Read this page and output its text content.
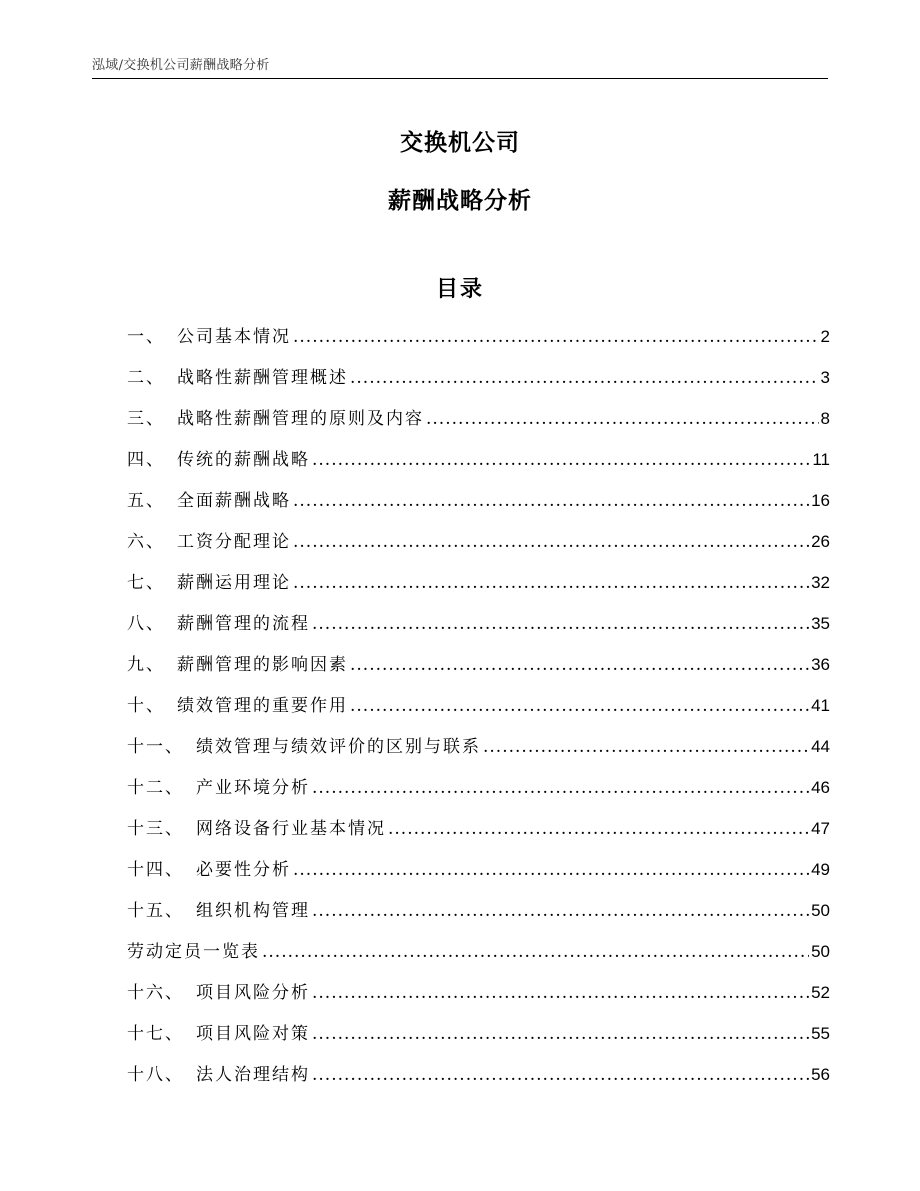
泓域/交换机公司薪酬战略分析
交换机公司
薪酬战略分析
目录
一、 公司基本情况 .....	2
二、 战略性薪酬管理概述 .....	3
三、 战略性薪酬管理的原则及内容 .....	8
四、 传统的薪酬战略 .....	11
五、 全面薪酬战略 .....	16
六、 工资分配理论 .....	26
七、 薪酬运用理论 .....	32
八、 薪酬管理的流程 .....	35
九、 薪酬管理的影响因素 .....	36
十、 绩效管理的重要作用 .....	41
十一、 绩效管理与绩效评价的区别与联系 .....	44
十二、 产业环境分析 .....	46
十三、 网络设备行业基本情况 .....	47
十四、 必要性分析 .....	49
十五、 组织机构管理 .....	50
劳动定员一览表 .....	50
十六、 项目风险分析 .....	52
十七、 项目风险对策 .....	55
十八、 法人治理结构 .....	56
